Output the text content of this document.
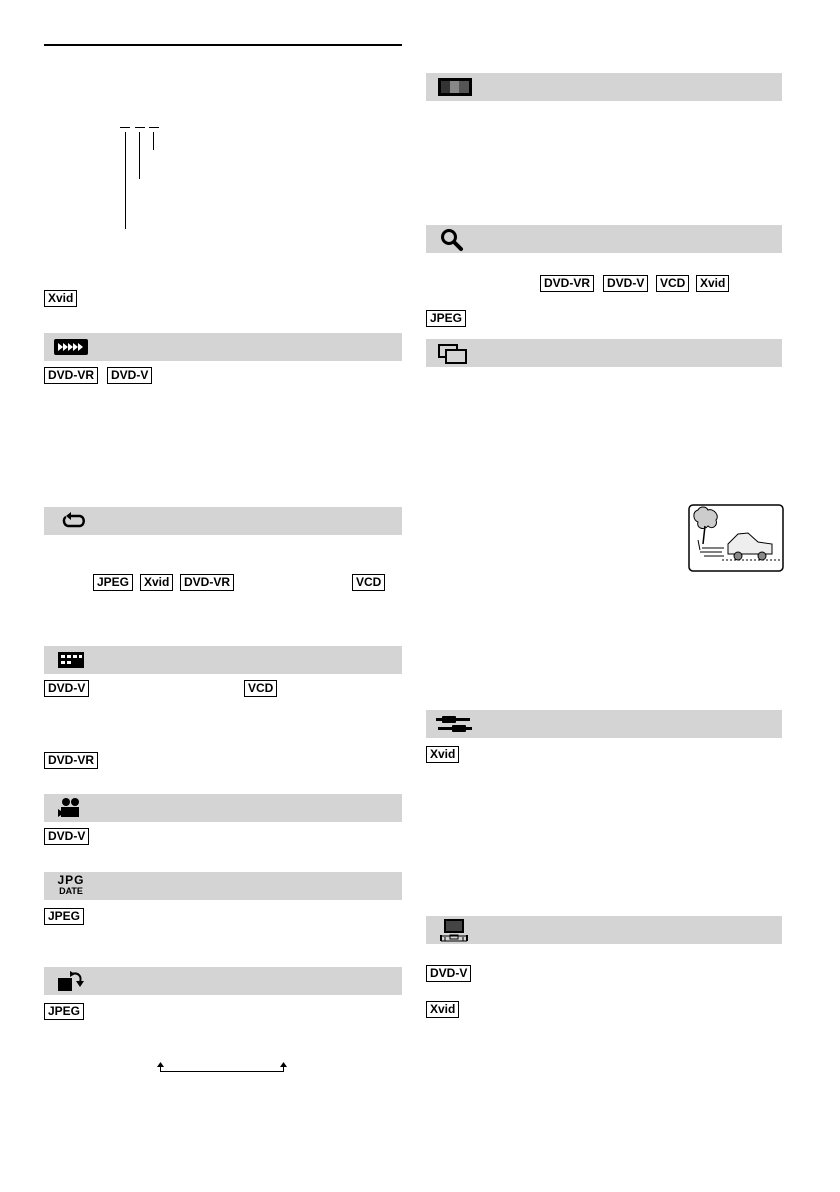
Xvid
DVD-VR	DVD-V
JPEG	Xvid	DVD-VR	VCD
DVD-V	VCD
DVD-VR
DVD-V
JPG
DATE
JPEG
JPEG
DVD-VR	DVD-V	VCD	Xvid
JPEG
Xvid
DVD-V
Xvid
